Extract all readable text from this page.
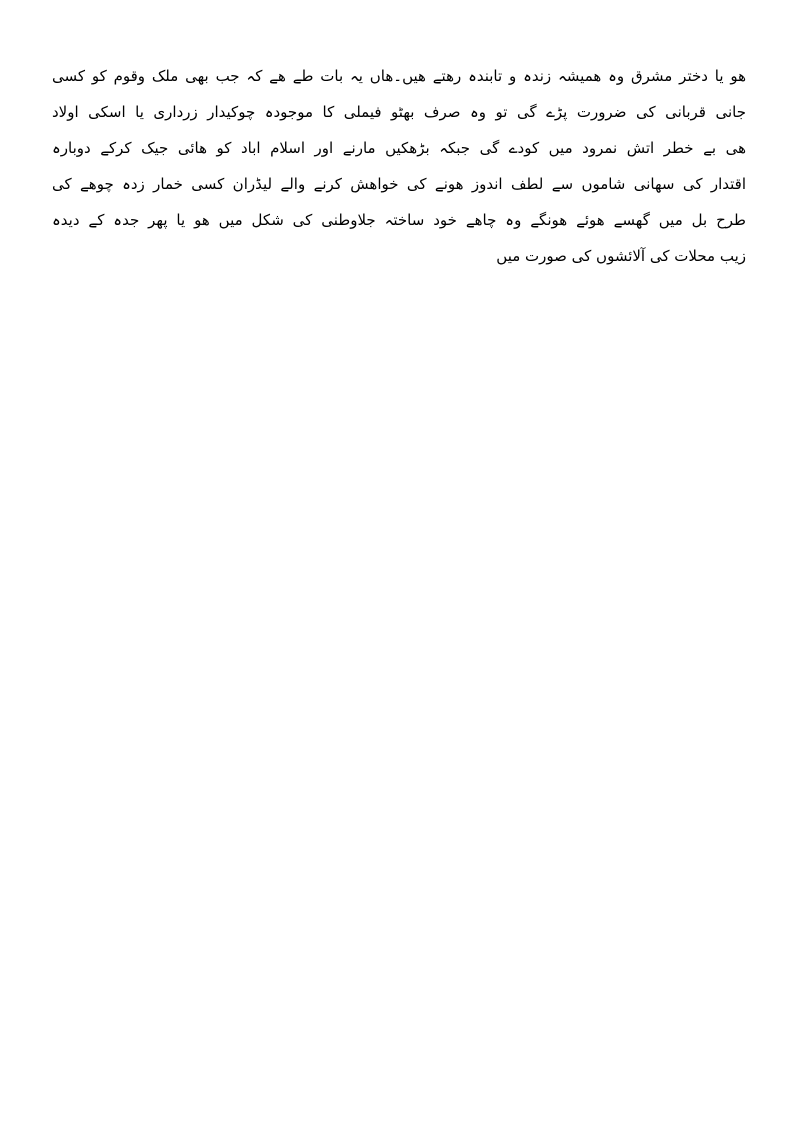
ھو یا دختر مشرق وہ ھمیشہ زندہ و تابندہ رھتے ھیں۔ھاں یہ بات طے ھے کہ جب بھی ملک وقوم کو کسی
جانی قربانی کی ضرورت پڑے گی تو وہ صرف بھٹو فیملی کا موجودہ چوکیدار زرداری یا اسکی اولاد
ھی بے خطر اتش نمرود میں کودے گی جبکہ بڑھکیں مارنے اور اسلام اباد کو ھائی جیک کرکے دوبارہ
اقتدار کی سھانی شاموں سے لطف اندوز ھونے کی خواھش کرنے والے لیڈران کسی خمار زدہ چوھے کی
طرح بل میں گھسے ھوئے ھونگے وہ چاھے خود ساختہ جلاوطنی کی شکل میں ھو یا پھر جدہ کے دیدہ
زیب محلات کی آلائشوں کی صورت میں
